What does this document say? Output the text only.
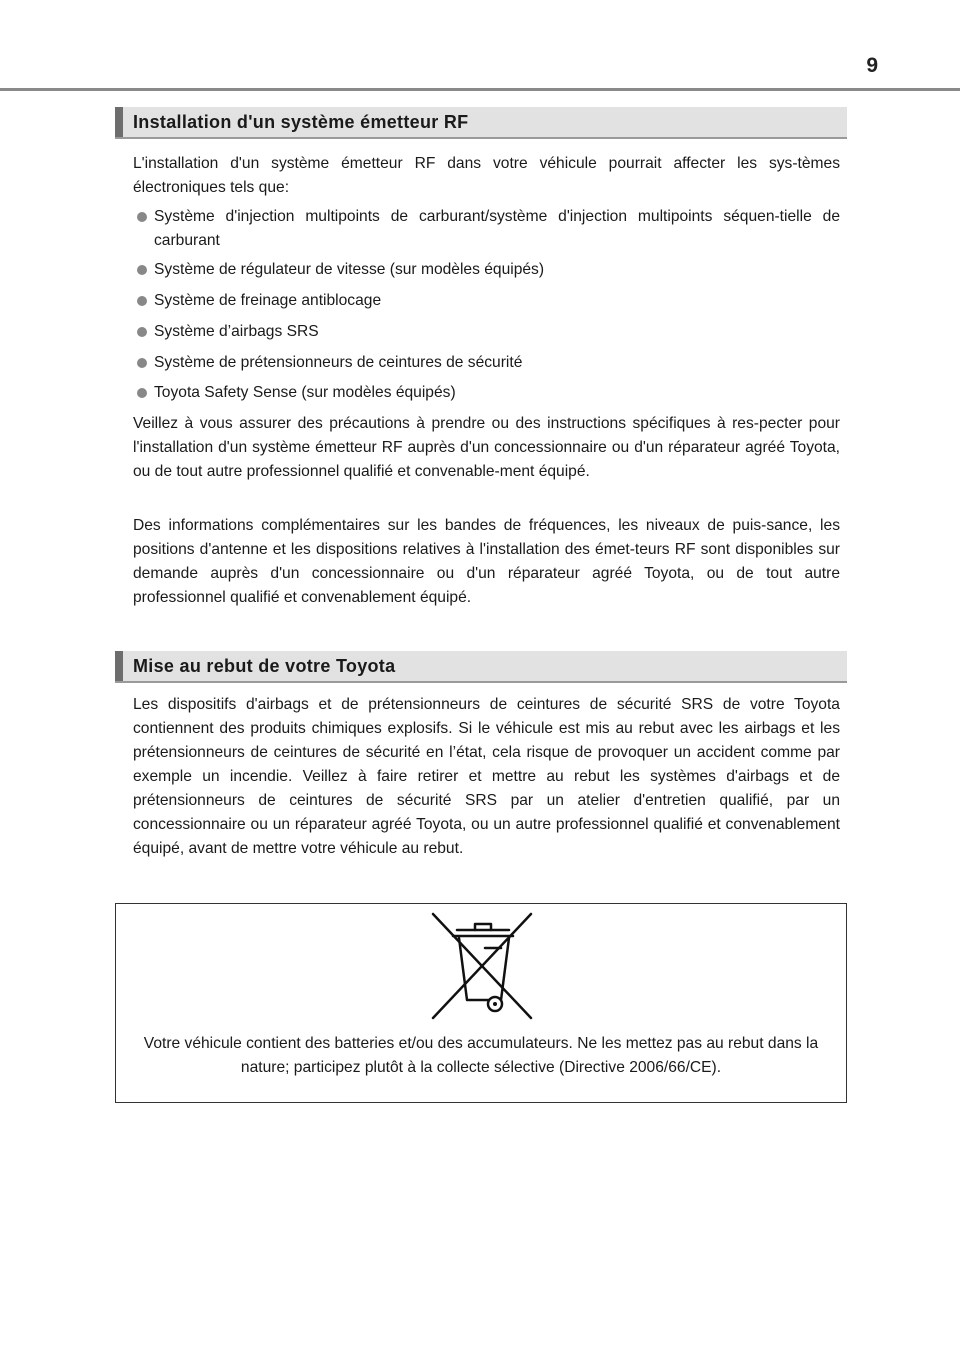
9
Installation d'un système émetteur RF

L'installation d'un système émetteur RF dans votre véhicule pourrait affecter les sys-tèmes électroniques tels que:

Système d'injection multipoints de carburant/système d'injection multipoints séquen-tielle de carburant
Système de régulateur de vitesse (sur modèles équipés)
Système de freinage antiblocage
Système d’airbags SRS
Système de prétensionneurs de ceintures de sécurité
Toyota Safety Sense (sur modèles équipés)

Veillez à vous assurer des précautions à prendre ou des instructions spécifiques à res-pecter pour l'installation d'un système émetteur RF auprès d'un concessionnaire ou d'un réparateur agréé Toyota, ou de tout autre professionnel qualifié et convenable-ment équipé.

Des informations complémentaires sur les bandes de fréquences, les niveaux de puis-sance, les positions d'antenne et les dispositions relatives à l'installation des émet-teurs RF sont disponibles sur demande auprès d'un concessionnaire ou d'un réparateur agréé Toyota, ou de tout autre professionnel qualifié et convenablement équipé.

Mise au rebut de votre Toyota

Les dispositifs d'airbags et de prétensionneurs de ceintures de sécurité SRS de votre Toyota contiennent des produits chimiques explosifs. Si le véhicule est mis au rebut avec les airbags et les prétensionneurs de ceintures de sécurité en l’état, cela risque de provoquer un accident comme par exemple un incendie. Veillez à faire retirer et mettre au rebut les systèmes d'airbags et de prétensionneurs de ceintures de sécurité SRS par un atelier d'entretien qualifié, par un concessionnaire ou un réparateur agréé Toyota, ou un autre professionnel qualifié et convenablement équipé, avant de mettre votre véhicule au rebut.

Votre véhicule contient des batteries et/ou des accumulateurs. Ne les mettez pas au rebut dans la nature; participez plutôt à la collecte sélective (Directive 2006/66/CE).
